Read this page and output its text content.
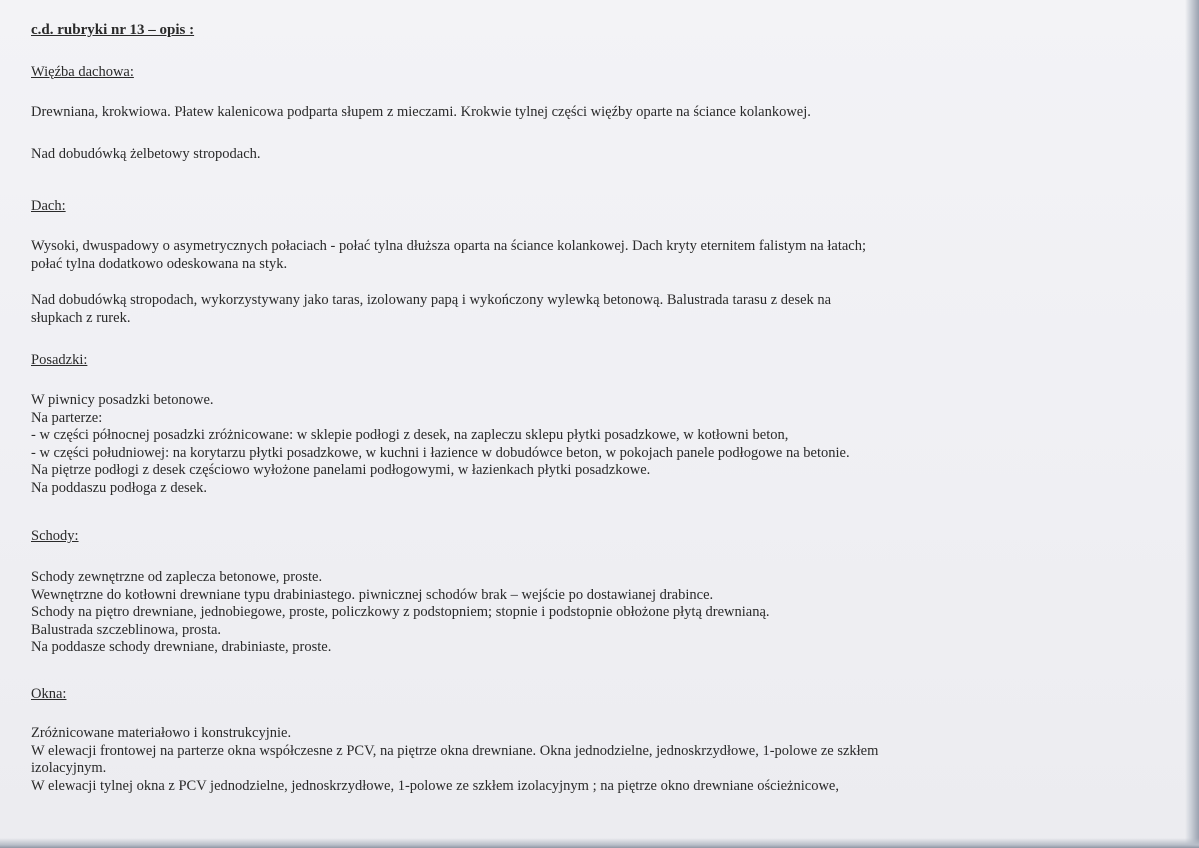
c.d. rubryki nr 13 – opis :
Więźba dachowa:
Drewniana, krokwiowa. Płatew kalenicowa podparta słupem z mieczami. Krokwie tylnej części więźby oparte na ściance kolankowej.
Nad dobudówką żelbetowy stropodach.
Dach:
Wysoki, dwuspadowy o asymetrycznych połaciach - połać tylna dłuższa oparta na ściance kolankowej. Dach kryty eternitem falistym na łatach;
połać tylna dodatkowo odeskowana na styk.
Nad dobudówką stropodach, wykorzystywany jako taras, izolowany papą i wykończony wylewką betonową. Balustrada tarasu z desek na
słupkach z rurek.
Posadzki:
W piwnicy posadzki betonowe.
Na parterze:
- w części północnej posadzki zróżnicowane: w sklepie podłogi z desek, na zapleczu sklepu płytki posadzkowe, w kotłowni beton,
- w części południowej: na korytarzu płytki posadzkowe, w kuchni i łazience w dobudówce beton, w pokojach panele podłogowe na betonie.
Na piętrze podłogi z desek częściowo wyłożone panelami podłogowymi, w łazienkach płytki posadzkowe.
Na poddaszu podłoga z desek.
Schody:
Schody zewnętrzne od zaplecza betonowe, proste.
Wewnętrzne do kotłowni drewniane typu drabiniastego. piwnicznej schodów brak – wejście po dostawianej drabince.
Schody na piętro drewniane, jednobiegowe, proste, policzkowy z podstopniem; stopnie i podstopnie obłożone płytą drewnianą.
Balustrada szczeblinowa, prosta.
Na poddasze schody drewniane, drabiniaste, proste.
Okna:
Zróżnicowane materiałowo i konstrukcyjnie.
W elewacji frontowej na parterze okna współczesne z PCV, na piętrze okna drewniane. Okna jednodzielne, jednoskrzydłowe, 1-polowe ze szkłem
izolacyjnym.
W elewacji tylnej okna z PCV jednodzielne, jednoskrzydłowe, 1-polowe ze szkłem izolacyjnym ; na piętrze okno drewniane ościeżnicowe,
